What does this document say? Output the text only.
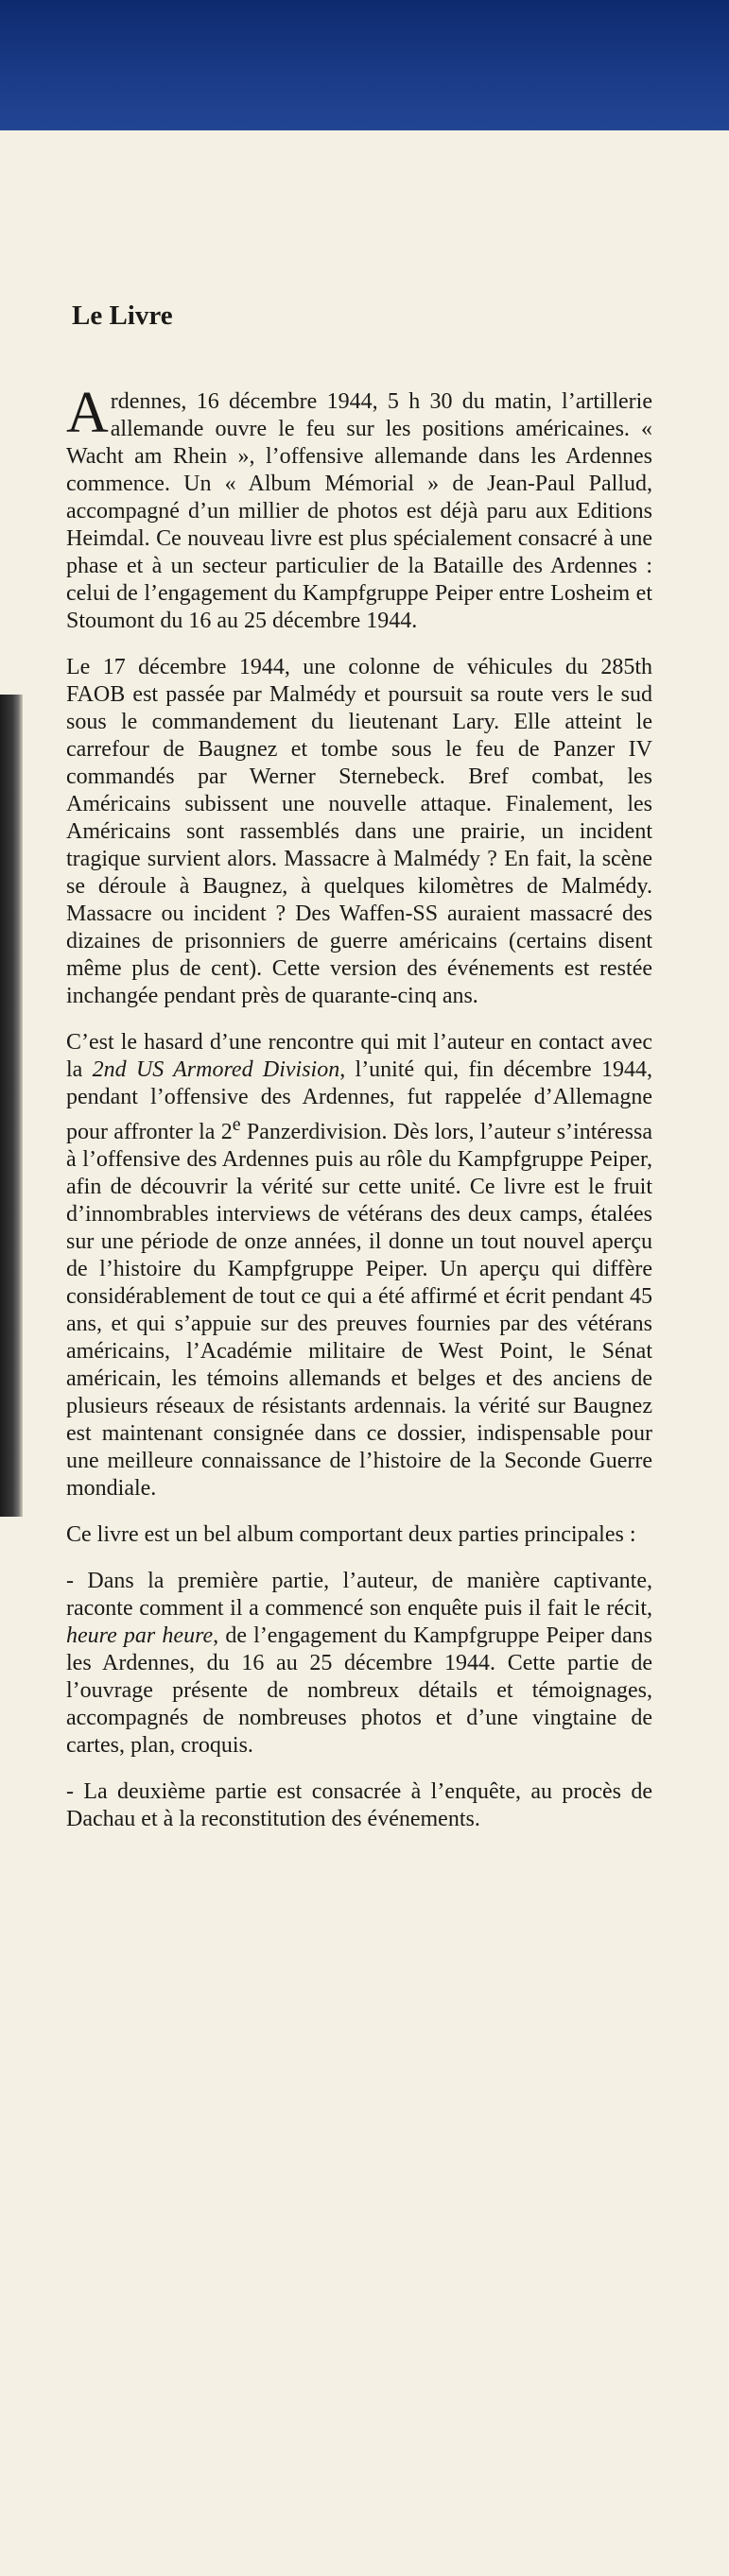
Le Livre

Ardennes, 16 décembre 1944, 5 h 30 du matin, l’artillerie allemande ouvre le feu sur les positions américaines. « Wacht am Rhein », l’offensive allemande dans les Ardennes commence. Un « Album Mémorial » de Jean-Paul Pallud, accompagné d’un millier de photos est déjà paru aux Editions Heimdal. Ce nouveau livre est plus spécialement consacré à une phase et à un secteur particulier de la Bataille des Ardennes : celui de l’engagement du Kampfgruppe Peiper entre Losheim et Stoumont du 16 au 25 décembre 1944.

Le 17 décembre 1944, une colonne de véhicules du 285th FAOB est passée par Malmédy et poursuit sa route vers le sud sous le commandement du lieutenant Lary. Elle atteint le carrefour de Baugnez et tombe sous le feu de Panzer IV commandés par Werner Sternebeck. Bref combat, les Américains subissent une nouvelle attaque. Finalement, les Américains sont rassemblés dans une prairie, un incident tragique survient alors. Massacre à Malmédy ? En fait, la scène se déroule à Baugnez, à quelques kilomètres de Malmédy. Massacre ou incident ? Des Waffen-SS auraient massacré des dizaines de prisonniers de guerre américains (certains disent même plus de cent). Cette version des événements est restée inchangée pendant près de quarante-cinq ans.

C’est le hasard d’une rencontre qui mit l’auteur en contact avec la 2nd US Armored Division, l’unité qui, fin décembre 1944, pendant l’offensive des Ardennes, fut rappelée d’Allemagne pour affronter la 2e Panzerdivision. Dès lors, l’auteur s’intéressa à l’offensive des Ardennes puis au rôle du Kampfgruppe Peiper, afin de découvrir la vérité sur cette unité. Ce livre est le fruit d’innombrables interviews de vétérans des deux camps, étalées sur une période de onze années, il donne un tout nouvel aperçu de l’histoire du Kampfgruppe Peiper. Un aperçu qui diffère considérablement de tout ce qui a été affirmé et écrit pendant 45 ans, et qui s’appuie sur des preuves fournies par des vétérans américains, l’Académie militaire de West Point, le Sénat américain, les témoins allemands et belges et des anciens de plusieurs réseaux de résistants ardennais. la vérité sur Baugnez est maintenant consignée dans ce dossier, indispensable pour une meilleure connaissance de l’histoire de la Seconde Guerre mondiale.

Ce livre est un bel album comportant deux parties principales :

- Dans la première partie, l’auteur, de manière captivante, raconte comment il a commencé son enquête puis il fait le récit, heure par heure, de l’engagement du Kampfgruppe Peiper dans les Ardennes, du 16 au 25 décembre 1944. Cette partie de l’ouvrage présente de nombreux détails et témoignages, accompagnés de nombreuses photos et d’une vingtaine de cartes, plan, croquis.

- La deuxième partie est consacrée à l’enquête, au procès de Dachau et à la reconstitution des événements.
